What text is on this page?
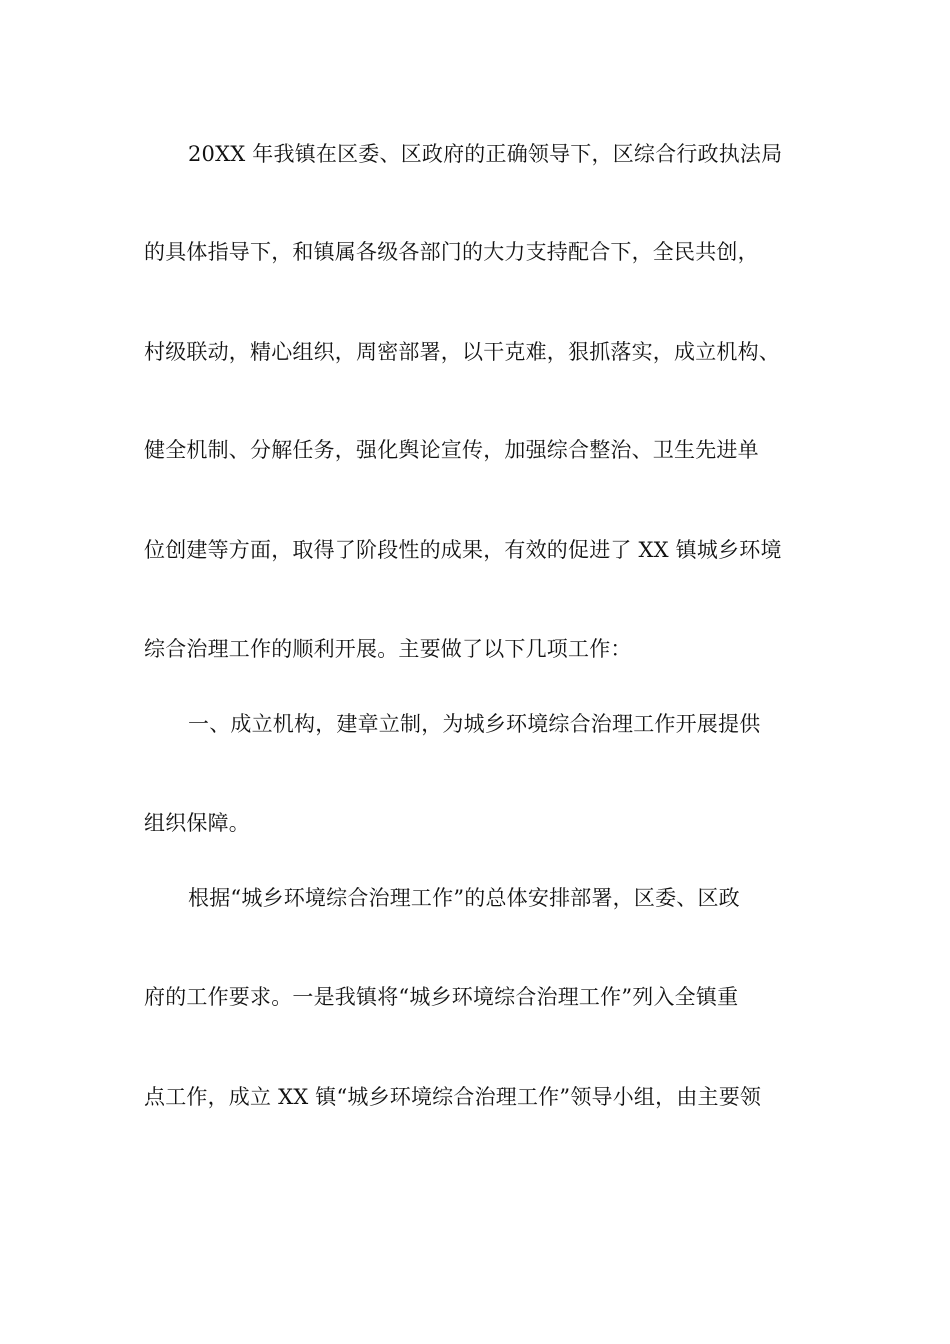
20XX 年我镇在区委、区政府的正确领导下，区综合行政执法局
的具体指导下，和镇属各级各部门的大力支持配合下，全民共创，
村级联动，精心组织，周密部署，以干克难，狠抓落实，成立机构、
健全机制、分解任务，强化舆论宣传，加强综合整治、卫生先进单
位创建等方面，取得了阶段性的成果，有效的促进了 XX 镇城乡环境
综合治理工作的顺利开展。主要做了以下几项工作：
一、成立机构，建章立制，为城乡环境综合治理工作开展提供
组织保障。
根据“城乡环境综合治理工作”的总体安排部署，区委、区政
府的工作要求。一是我镇将“城乡环境综合治理工作”列入全镇重
点工作，成立 XX 镇“城乡环境综合治理工作”领导小组，由主要领
